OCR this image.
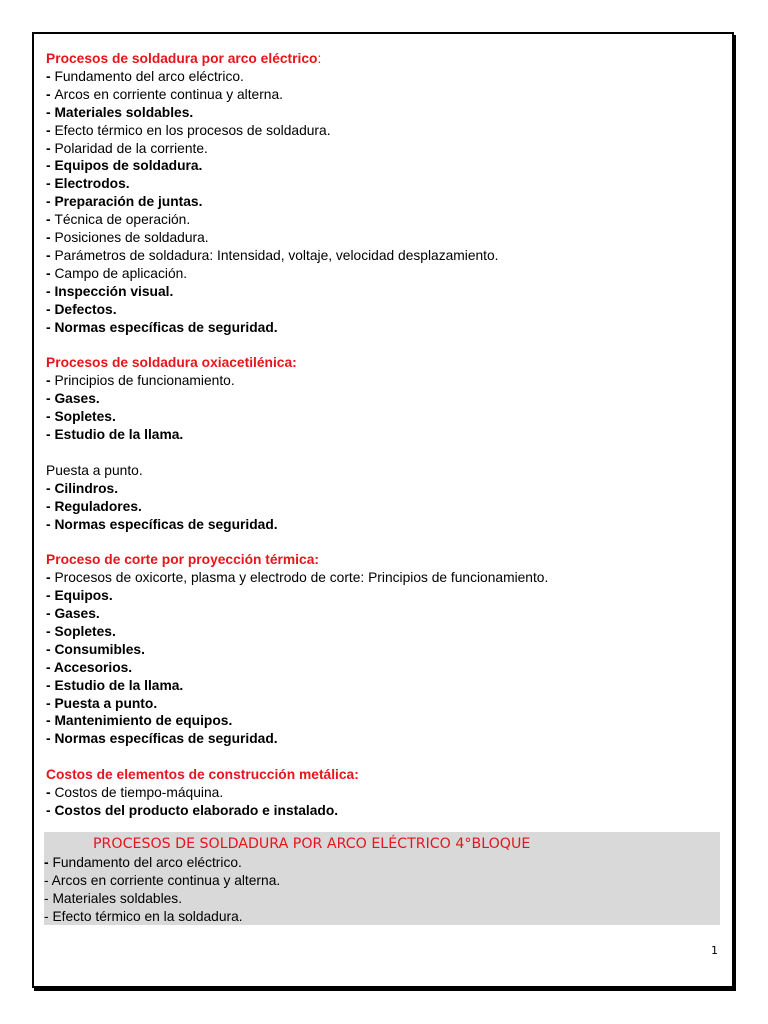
Procesos de soldadura por arco eléctrico:
- Fundamento del arco eléctrico.
- Arcos en corriente continua y alterna.
- Materiales soldables.
- Efecto térmico en los procesos de soldadura.
- Polaridad de la corriente.
- Equipos de soldadura.
- Electrodos.
- Preparación de juntas.
- Técnica de operación.
- Posiciones de soldadura.
- Parámetros de soldadura: Intensidad, voltaje, velocidad desplazamiento.
- Campo de aplicación.
- Inspección visual.
- Defectos.
- Normas específicas de seguridad.
Procesos de soldadura oxiacetilénica:
- Principios de funcionamiento.
- Gases.
- Sopletes.
- Estudio de la llama.
Puesta a punto.
- Cilindros.
- Reguladores.
- Normas específicas de seguridad.
Proceso de corte por proyección térmica:
- Procesos de oxicorte, plasma y electrodo de corte: Principios de funcionamiento.
- Equipos.
- Gases.
- Sopletes.
- Consumibles.
- Accesorios.
- Estudio de la llama.
- Puesta a punto.
- Mantenimiento de equipos.
- Normas específicas de seguridad.
Costos de elementos de construcción metálica:
- Costos de tiempo-máquina.
- Costos del producto elaborado e instalado.
PROCESOS DE SOLDADURA POR ARCO ELÉCTRICO 4°BLOQUE
- Fundamento del arco eléctrico.
- Arcos en corriente continua y alterna.
- Materiales soldables.
- Efecto térmico en la soldadura.
1
